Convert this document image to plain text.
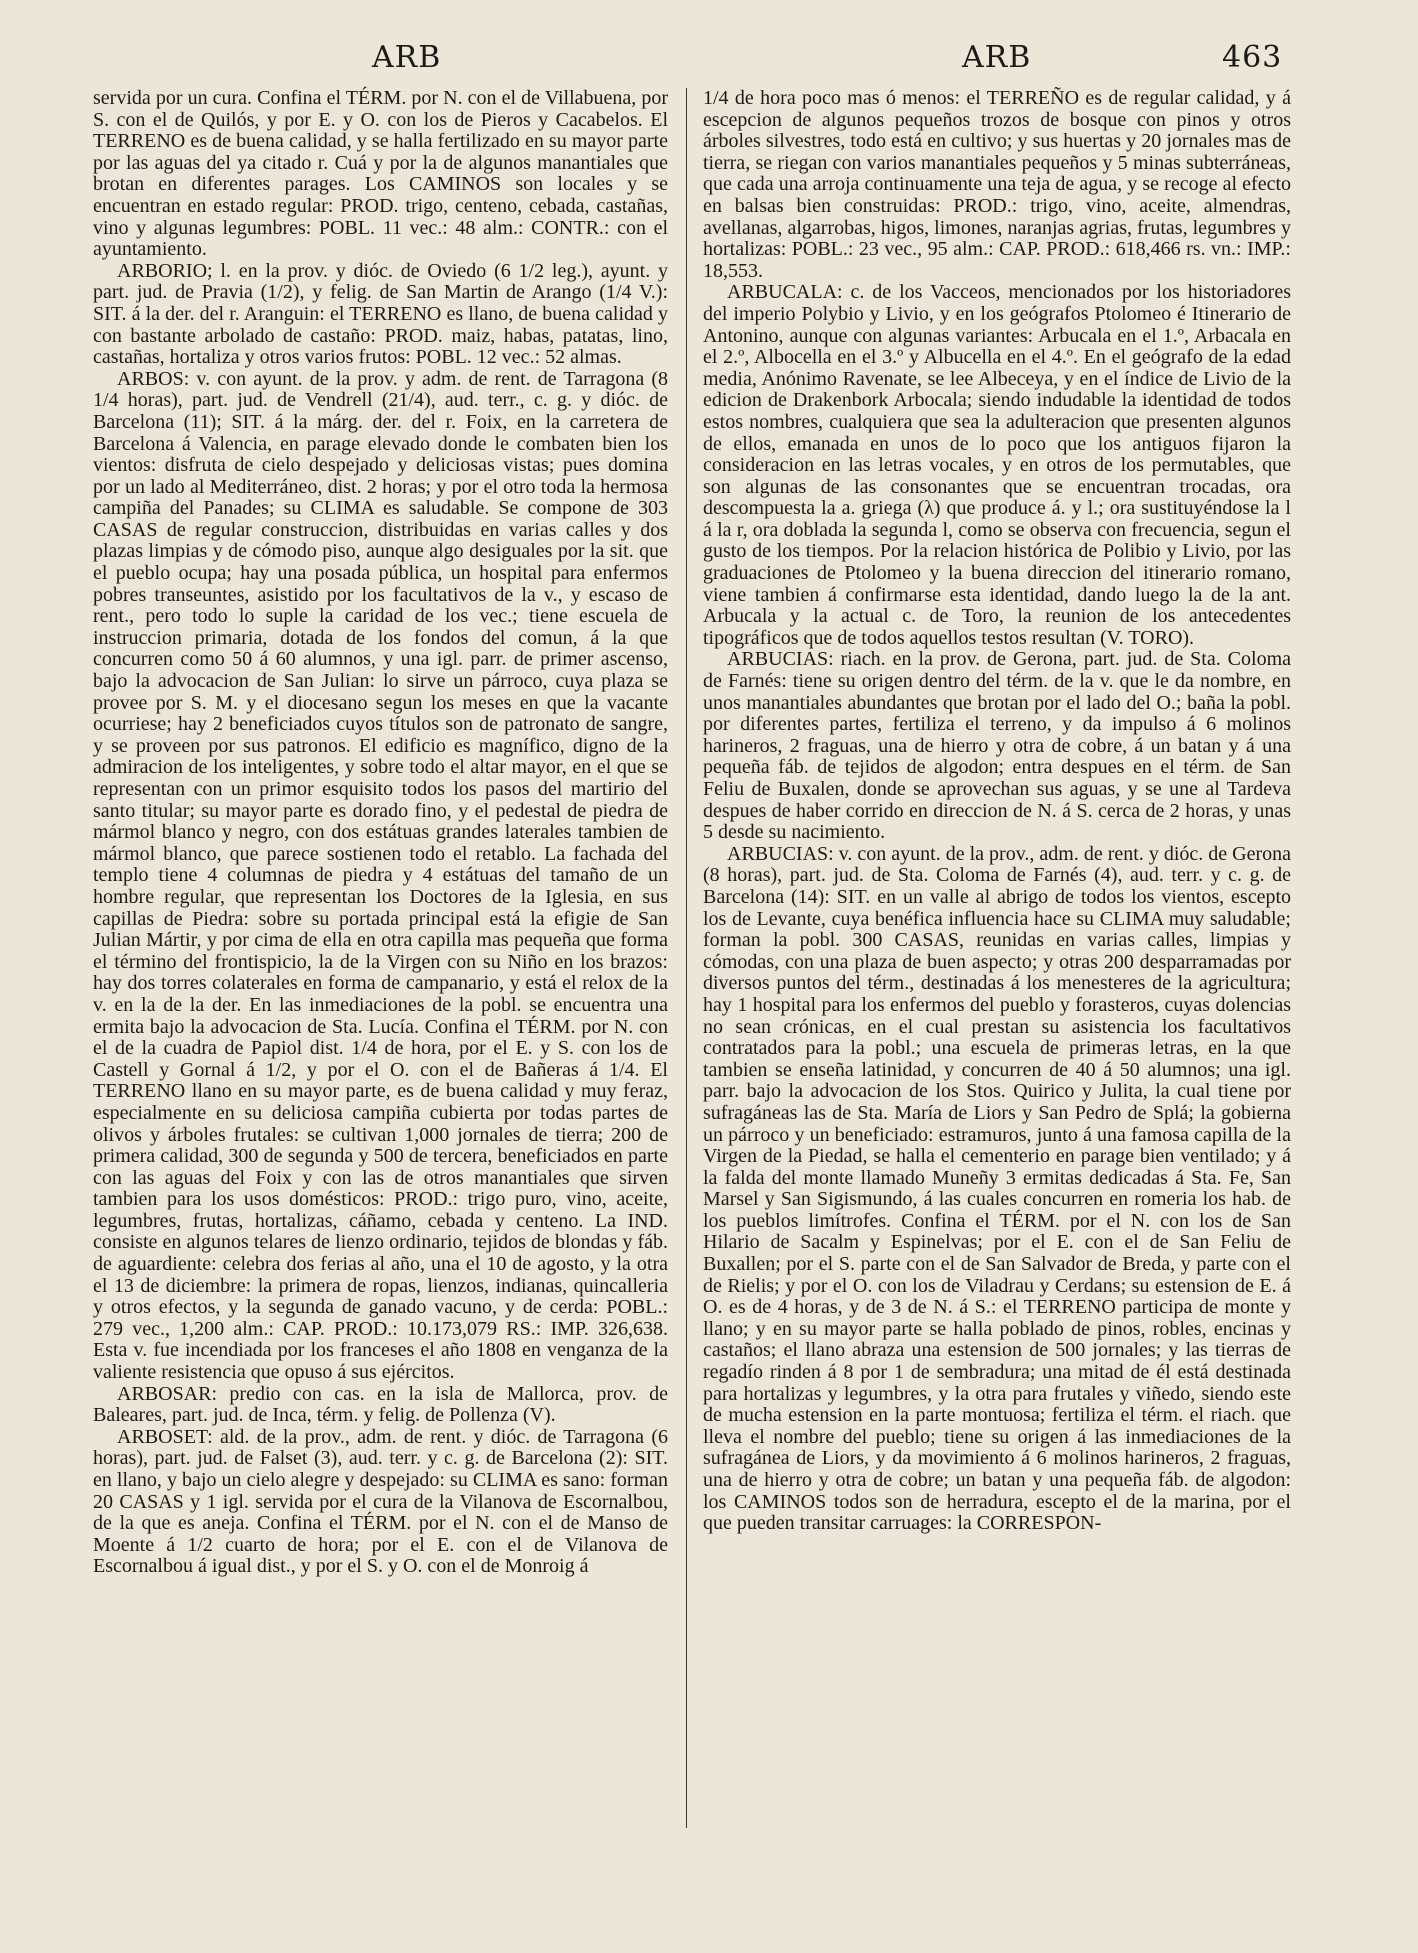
ARB	ARB	463

servida por un cura. Confina el TÉRM. por N. con el de Villabuena, por S. con el de Quilós, y por E. y O. con los de Pieros y Cacabelos. El TERRENO es de buena calidad, y se halla fertilizado en su mayor parte por las aguas del ya citado r. Cuá y por la de algunos manantiales que brotan en diferentes parages. Los CAMINOS son locales y se encuentran en estado regular: PROD. trigo, centeno, cebada, castañas, vino y algunas legumbres: POBL. 11 vec.: 48 alm.: CONTR.: con el ayuntamiento.

ARBORIO; l. en la prov. y dióc. de Oviedo (6 1/2 leg.), ayunt. y part. jud. de Pravia (1/2), y felig. de San Martin de Arango (1/4 V.): SIT. á la der. del r. Aranguin: el TERRENO es llano, de buena calidad y con bastante arbolado de castaño: PROD. maiz, habas, patatas, lino, castañas, hortaliza y otros varios frutos: POBL. 12 vec.: 52 almas.

ARBOS: v. con ayunt. de la prov. y adm. de rent. de Tarragona (8 1/4 horas), part. jud. de Vendrell (21/4), aud. terr., c. g. y dióc. de Barcelona (11); SIT. á la márg. der. del r. Foix, en la carretera de Barcelona á Valencia, en parage elevado donde le combaten bien los vientos: disfruta de cielo despejado y deliciosas vistas; pues domina por un lado al Mediterráneo, dist. 2 horas; y por el otro toda la hermosa campiña del Panades; su CLIMA es saludable. Se compone de 303 CASAS de regular construccion, distribuidas en varias calles y dos plazas limpias y de cómodo piso, aunque algo desiguales por la sit. que el pueblo ocupa; hay una posada pública, un hospital para enfermos pobres transeuntes, asistido por los facultativos de la v., y escaso de rent., pero todo lo suple la caridad de los vec.; tiene escuela de instruccion primaria, dotada de los fondos del comun, á la que concurren como 50 á 60 alumnos, y una igl. parr. de primer ascenso, bajo la advocacion de San Julian: lo sirve un párroco, cuya plaza se provee por S. M. y el diocesano segun los meses en que la vacante ocurriese; hay 2 beneficiados cuyos títulos son de patronato de sangre, y se proveen por sus patronos. El edificio es magnífico, digno de la admiracion de los inteligentes, y sobre todo el altar mayor, en el que se representan con un primor esquisito todos los pasos del martirio del santo titular; su mayor parte es dorado fino, y el pedestal de piedra de mármol blanco y negro, con dos estátuas grandes laterales tambien de mármol blanco, que parece sostienen todo el retablo. La fachada del templo tiene 4 columnas de piedra y 4 estátuas del tamaño de un hombre regular, que representan los Doctores de la Iglesia, en sus capillas de Piedra: sobre su portada principal está la efigie de San Julian Mártir, y por cima de ella en otra capilla mas pequeña que forma el término del frontispicio, la de la Virgen con su Niño en los brazos: hay dos torres colaterales en forma de campanario, y está el relox de la v. en la de la der. En las inmediaciones de la pobl. se encuentra una ermita bajo la advocacion de Sta. Lucía. Confina el TÉRM. por N. con el de la cuadra de Papiol dist. 1/4 de hora, por el E. y S. con los de Castell y Gornal á 1/2, y por el O. con el de Bañeras á 1/4. El TERRENO llano en su mayor parte, es de buena calidad y muy feraz, especialmente en su deliciosa campiña cubierta por todas partes de olivos y árboles frutales: se cultivan 1,000 jornales de tierra; 200 de primera calidad, 300 de segunda y 500 de tercera, beneficiados en parte con las aguas del Foix y con las de otros manantiales que sirven tambien para los usos domésticos: PROD.: trigo puro, vino, aceite, legumbres, frutas, hortalizas, cáñamo, cebada y centeno. La IND. consiste en algunos telares de lienzo ordinario, tejidos de blondas y fáb. de aguardiente: celebra dos ferias al año, una el 10 de agosto, y la otra el 13 de diciembre: la primera de ropas, lienzos, indianas, quincalleria y otros efectos, y la segunda de ganado vacuno, y de cerda: POBL.: 279 vec., 1,200 alm.: CAP. PROD.: 10.173,079 RS.: IMP. 326,638. Esta v. fue incendiada por los franceses el año 1808 en venganza de la valiente resistencia que opuso á sus ejércitos.

ARBOSAR: predio con cas. en la isla de Mallorca, prov. de Baleares, part. jud. de Inca, térm. y felig. de Pollenza (V).

ARBOSET: ald. de la prov., adm. de rent. y dióc. de Tarragona (6 horas), part. jud. de Falset (3), aud. terr. y c. g. de Barcelona (2): SIT. en llano, y bajo un cielo alegre y despejado: su CLIMA es sano: forman 20 CASAS y 1 igl. servida por el cura de la Vilanova de Escornalbou, de la que es aneja. Confina el TÉRM. por el N. con el de Manso de Moente á 1/2 cuarto de hora; por el E. con el de Vilanova de Escornalbou á igual dist., y por el S. y O. con el de Monroig á

1/4 de hora poco mas ó menos: el TERREÑO es de regular calidad, y á escepcion de algunos pequeños trozos de bosque con pinos y otros árboles silvestres, todo está en cultivo; y sus huertas y 20 jornales mas de tierra, se riegan con varios manantiales pequeños y 5 minas subterráneas, que cada una arroja continuamente una teja de agua, y se recoge al efecto en balsas bien construidas: PROD.: trigo, vino, aceite, almendras, avellanas, algarrobas, higos, limones, naranjas agrias, frutas, legumbres y hortalizas: POBL.: 23 vec., 95 alm.: CAP. PROD.: 618,466 rs. vn.: IMP.: 18,553.

ARBUCALA: c. de los Vacceos, mencionados por los historiadores del imperio Polybio y Livio, y en los geógrafos Ptolomeo é Itinerario de Antonino, aunque con algunas variantes: Arbucala en el 1.º, Arbacala en el 2.º, Albocella en el 3.º y Albucella en el 4.º. En el geógrafo de la edad media, Anónimo Ravenate, se lee Albeceya, y en el índice de Livio de la edicion de Drakenbork Arbocala; siendo indudable la identidad de todos estos nombres, cualquiera que sea la adulteracion que presenten algunos de ellos, emanada en unos de lo poco que los antiguos fijaron la consideracion en las letras vocales, y en otros de los permutables, que son algunas de las consonantes que se encuentran trocadas, ora descompuesta la a. griega (λ) que produce á. y l.; ora sustituyéndose la l á la r, ora doblada la segunda l, como se observa con frecuencia, segun el gusto de los tiempos. Por la relacion histórica de Polibio y Livio, por las graduaciones de Ptolomeo y la buena direccion del itinerario romano, viene tambien á confirmarse esta identidad, dando luego la de la ant. Arbucala y la actual c. de Toro, la reunion de los antecedentes tipográficos que de todos aquellos testos resultan (V. TORO).

ARBUCIAS: riach. en la prov. de Gerona, part. jud. de Sta. Coloma de Farnés: tiene su origen dentro del térm. de la v. que le da nombre, en unos manantiales abundantes que brotan por el lado del O.; baña la pobl. por diferentes partes, fertiliza el terreno, y da impulso á 6 molinos harineros, 2 fraguas, una de hierro y otra de cobre, á un batan y á una pequeña fáb. de tejidos de algodon; entra despues en el térm. de San Feliu de Buxalen, donde se aprovechan sus aguas, y se une al Tardeva despues de haber corrido en direccion de N. á S. cerca de 2 horas, y unas 5 desde su nacimiento.

ARBUCIAS: v. con ayunt. de la prov., adm. de rent. y dióc. de Gerona (8 horas), part. jud. de Sta. Coloma de Farnés (4), aud. terr. y c. g. de Barcelona (14): SIT. en un valle al abrigo de todos los vientos, escepto los de Levante, cuya benéfica influencia hace su CLIMA muy saludable; forman la pobl. 300 CASAS, reunidas en varias calles, limpias y cómodas, con una plaza de buen aspecto; y otras 200 desparramadas por diversos puntos del térm., destinadas á los menesteres de la agricultura; hay 1 hospital para los enfermos del pueblo y forasteros, cuyas dolencias no sean crónicas, en el cual prestan su asistencia los facultativos contratados para la pobl.; una escuela de primeras letras, en la que tambien se enseña latinidad, y concurren de 40 á 50 alumnos; una igl. parr. bajo la advocacion de los Stos. Quirico y Julita, la cual tiene por sufragáneas las de Sta. María de Liors y San Pedro de Splá; la gobierna un párroco y un beneficiado: estramuros, junto á una famosa capilla de la Virgen de la Piedad, se halla el cementerio en parage bien ventilado; y á la falda del monte llamado Muneñy 3 ermitas dedicadas á Sta. Fe, San Marsel y San Sigismundo, á las cuales concurren en romeria los hab. de los pueblos limítrofes. Confina el TÉRM. por el N. con los de San Hilario de Sacalm y Espinelvas; por el E. con el de San Feliu de Buxallen; por el S. parte con el de San Salvador de Breda, y parte con el de Rielis; y por el O. con los de Viladrau y Cerdans; su estension de E. á O. es de 4 horas, y de 3 de N. á S.: el TERRENO participa de monte y llano; y en su mayor parte se halla poblado de pinos, robles, encinas y castaños; el llano abraza una estension de 500 jornales; y las tierras de regadío rinden á 8 por 1 de sembradura; una mitad de él está destinada para hortalizas y legumbres, y la otra para frutales y viñedo, siendo este de mucha estension en la parte montuosa; fertiliza el térm. el riach. que lleva el nombre del pueblo; tiene su origen á las inmediaciones de la sufragánea de Liors, y da movimiento á 6 molinos harineros, 2 fraguas, una de hierro y otra de cobre; un batan y una pequeña fáb. de algodon: los CAMINOS todos son de herradura, escepto el de la marina, por el que pueden transitar carruages: la CORRESPON-
